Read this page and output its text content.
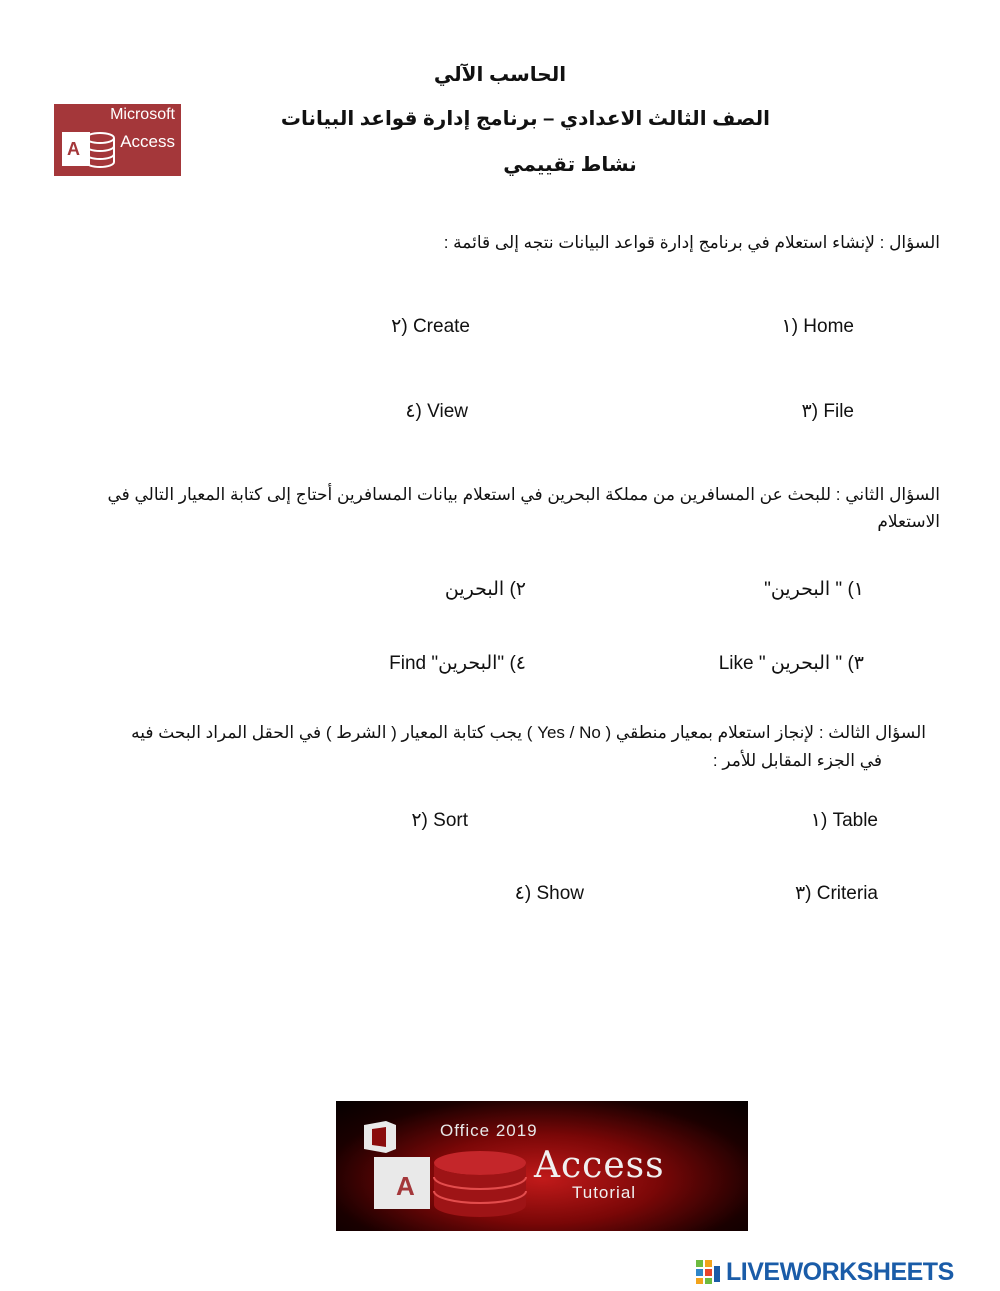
الحاسب الآلي
الصف الثالث الاعدادي – برنامج إدارة قواعد البيانات
نشاط تقييمي
A
Microsoft
Access
السؤال : لإنشاء استعلام في برنامج إدارة قواعد البيانات نتجه إلى قائمة :
١) Home
٢) Create
٣) File
٤) View
السؤال الثاني : للبحث عن المسافرين من مملكة البحرين في استعلام بيانات المسافرين أحتاج إلى كتابة المعيار التالي في
الاستعلام
١) " البحرين"
٢) البحرين
٣) " البحرين " Like
٤) "البحرين" Find
السؤال الثالث : لإنجاز استعلام بمعيار منطقي ( Yes / No ) يجب كتابة المعيار ( الشرط ) في الحقل المراد البحث فيه
في الجزء المقابل للأمر :
١) Table
٢) Sort
٣) Criteria
٤) Show
Office 2019
A	Access
Tutorial
LIVEWORKSHEETS
